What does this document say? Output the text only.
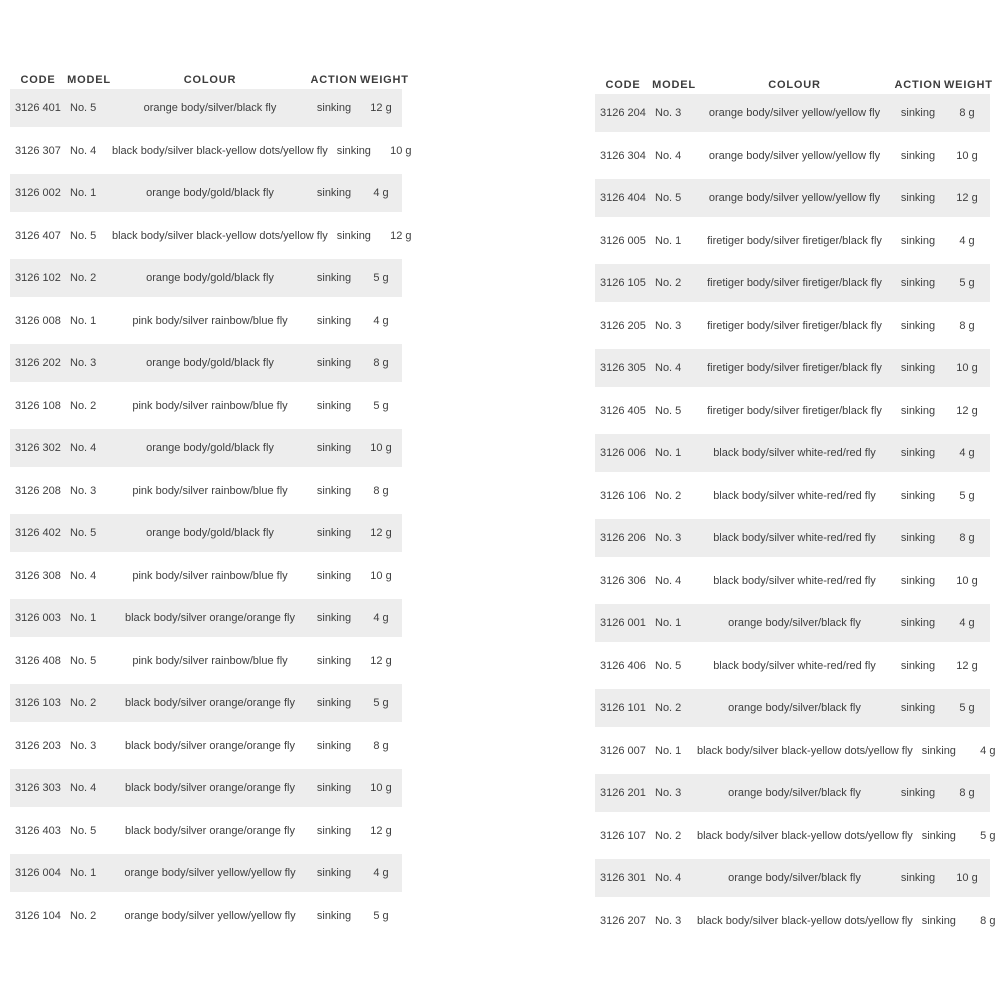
CODE	MODEL	COLOUR	ACTION WEIGHT
3126 401 No. 5	orange body/silver/black fly	sinking	12 g
3126 307 No. 4	black body/silver black-yellow dots/yellow fly sinking	10 g
3126 002 No. 1	orange body/gold/black fly	sinking	4 g
3126 407 No. 5	black body/silver black-yellow dots/yellow fly sinking	12 g
3126 102 No. 2	orange body/gold/black fly	sinking	5 g
3126 008 No. 1	pink body/silver rainbow/blue fly	sinking	4 g
3126 202 No. 3	orange body/gold/black fly	sinking	8 g
3126 108 No. 2	pink body/silver rainbow/blue fly	sinking	5 g
3126 302 No. 4	orange body/gold/black fly	sinking	10 g
3126 208 No. 3	pink body/silver rainbow/blue fly	sinking	8 g
3126 402 No. 5	orange body/gold/black fly	sinking	12 g
3126 308 No. 4	pink body/silver rainbow/blue fly	sinking	10 g
3126 003 No. 1	black body/silver orange/orange fly	sinking	4 g
3126 408 No. 5	pink body/silver rainbow/blue fly	sinking	12 g
3126 103 No. 2	black body/silver orange/orange fly	sinking	5 g
3126 203 No. 3	black body/silver orange/orange fly	sinking	8 g
3126 303 No. 4	black body/silver orange/orange fly	sinking	10 g
3126 403 No. 5	black body/silver orange/orange fly	sinking	12 g
3126 004 No. 1	orange body/silver yellow/yellow fly	sinking	4 g
3126 104 No. 2	orange body/silver yellow/yellow fly	sinking	5 g
CODE	MODEL	COLOUR	ACTION WEIGHT
3126 204 No. 3	orange body/silver yellow/yellow fly	sinking	8 g
3126 304 No. 4	orange body/silver yellow/yellow fly	sinking	10 g
3126 404 No. 5	orange body/silver yellow/yellow fly	sinking	12 g
3126 005 No. 1	firetiger body/silver firetiger/black fly	sinking	4 g
3126 105 No. 2	firetiger body/silver firetiger/black fly	sinking	5 g
3126 205 No. 3	firetiger body/silver firetiger/black fly	sinking	8 g
3126 305 No. 4	firetiger body/silver firetiger/black fly	sinking	10 g
3126 405 No. 5	firetiger body/silver firetiger/black fly	sinking	12 g
3126 006 No. 1	black body/silver white-red/red fly	sinking	4 g
3126 106 No. 2	black body/silver white-red/red fly	sinking	5 g
3126 206 No. 3	black body/silver white-red/red fly	sinking	8 g
3126 306 No. 4	black body/silver white-red/red fly	sinking	10 g
3126 001 No. 1	orange body/silver/black fly	sinking	4 g
3126 406 No. 5	black body/silver white-red/red fly	sinking	12 g
3126 101 No. 2	orange body/silver/black fly	sinking	5 g
3126 007 No. 1	black body/silver black-yellow dots/yellow fly sinking	4 g
3126 201 No. 3	orange body/silver/black fly	sinking	8 g
3126 107 No. 2	black body/silver black-yellow dots/yellow fly sinking	5 g
3126 301 No. 4	orange body/silver/black fly	sinking	10 g
3126 207 No. 3	black body/silver black-yellow dots/yellow fly sinking	8 g
